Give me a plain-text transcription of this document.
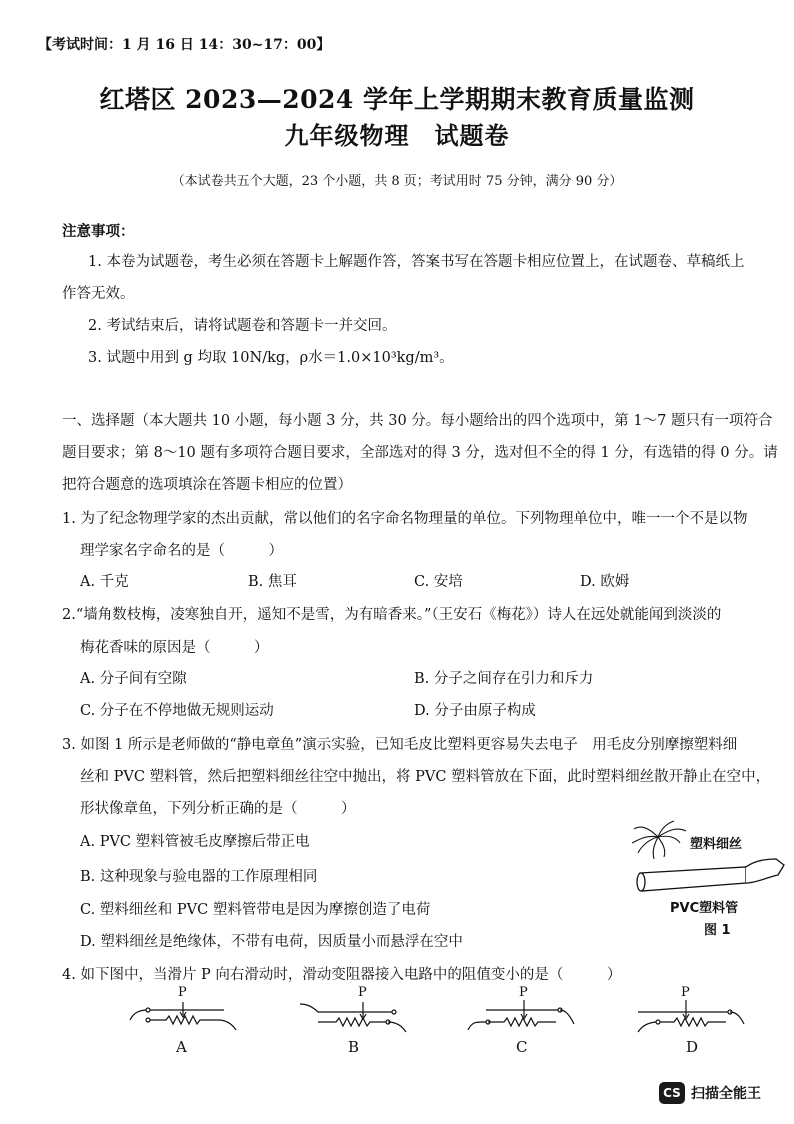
【考试时间：1 月 16 日 14：30~17：00】
红塔区 2023—2024 学年上学期期末教育质量监测
九年级物理　试题卷
（本试卷共五个大题，23 个小题，共 8 页；考试用时 75 分钟，满分 90 分）
注意事项：
1. 本卷为试题卷，考生必须在答题卡上解题作答，答案书写在答题卡相应位置上，在试题卷、草稿纸上
作答无效。
2. 考试结束后，请将试题卷和答题卡一并交回。
3. 试题中用到 g 均取 10N/kg，ρ水＝1.0×10³kg/m³。
一、选择题（本大题共 10 小题，每小题 3 分，共 30 分。每小题给出的四个选项中，第 1～7 题只有一项符合
题目要求；第 8～10 题有多项符合题目要求，全部选对的得 3 分，选对但不全的得 1 分，有选错的得 0 分。请
把符合题意的选项填涂在答题卡相应的位置）
1. 为了纪念物理学家的杰出贡献，常以他们的名字命名物理量的单位。下列物理单位中，唯一一个不是以物
理学家名字命名的是（　　　）
A. 千克	B. 焦耳	C. 安培	D. 欧姆
2.“墙角数枝梅，凌寒独自开，遥知不是雪，为有暗香来。”（王安石《梅花》）诗人在远处就能闻到淡淡的
梅花香味的原因是（　　　）
A. 分子间有空隙	B. 分子之间存在引力和斥力
C. 分子在不停地做无规则运动	D. 分子由原子构成
3. 如图 1 所示是老师做的“静电章鱼”演示实验，已知毛皮比塑料更容易失去电子　用毛皮分别摩擦塑料细
丝和 PVC 塑料管，然后把塑料细丝往空中抛出，将 PVC 塑料管放在下面，此时塑料细丝散开静止在空中，
形状像章鱼，下列分析正确的是（　　　）
A. PVC 塑料管被毛皮摩擦后带正电
B. 这种现象与验电器的工作原理相同
C. 塑料细丝和 PVC 塑料管带电是因为摩擦创造了电荷
D. 塑料细丝是绝缘体，不带有电荷，因质量小而悬浮在空中
塑料细丝
PVC塑料管
图 1
4. 如下图中，当滑片 P 向右滑动时，滑动变阻器接入电路中的阻值变小的是（　　　）
P
A
P
B
P
C
P
D
CS 扫描全能王
